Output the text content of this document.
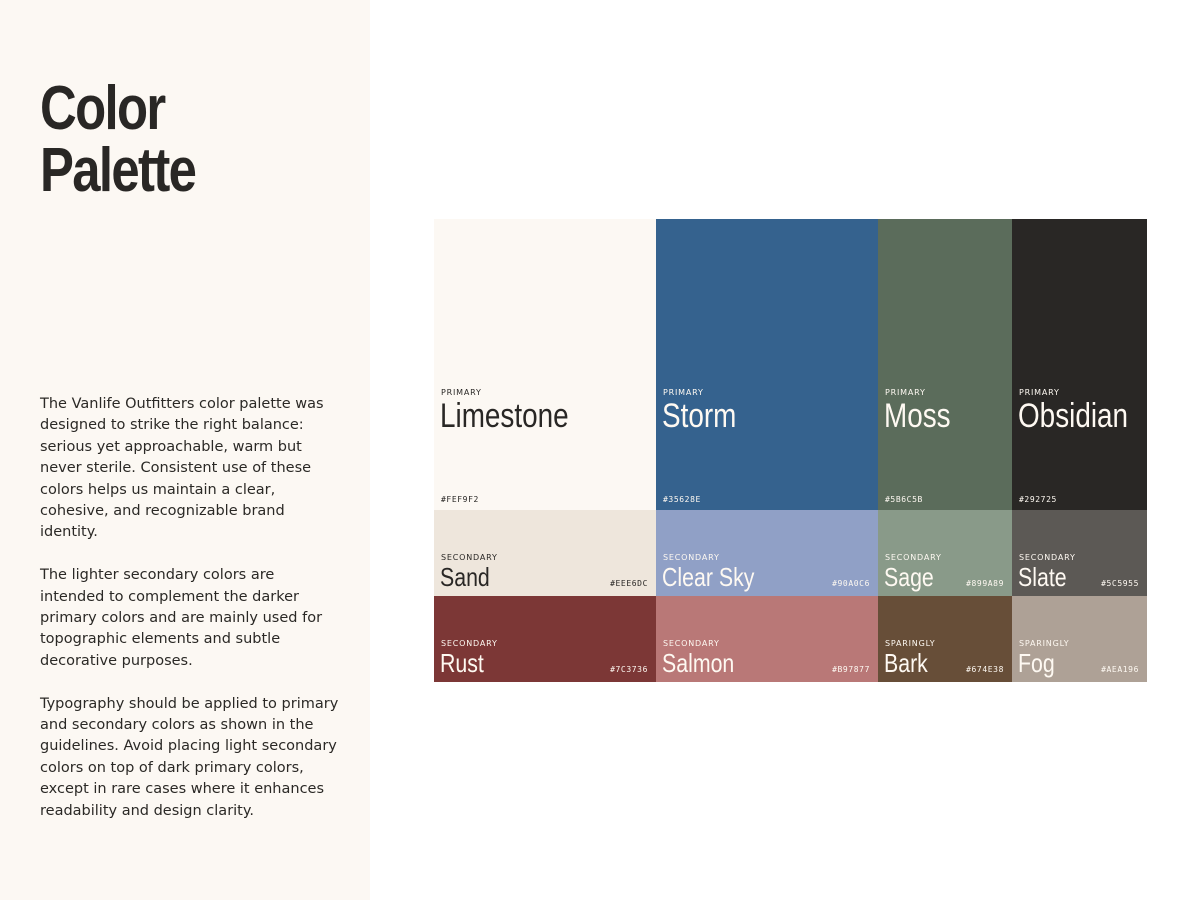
Color
Palette

The Vanlife Outfitters color palette was designed to strike the right balance: serious yet approachable, warm but never sterile. Consistent use of these colors helps us maintain a clear, cohesive, and recognizable brand identity.

The lighter secondary colors are intended to complement the darker primary colors and are mainly used for topographic elements and subtle decorative purposes.

Typography should be applied to primary and secondary colors as shown in the guidelines. Avoid placing light secondary colors on top of dark primary colors, except in rare cases where it enhances readability and design clarity.

PRIMARY
Limestone
#FEF9F2
PRIMARY
Storm
#35628E
PRIMARY
Moss
#5B6C5B
PRIMARY
Obsidian
#292725
SECONDARY
Sand	#EEE6DC
SECONDARY
Clear Sky	#90A0C6
SECONDARY
Sage	#899A89
SECONDARY
Slate	#5C5955
SECONDARY
Rust	#7C3736
SECONDARY
Salmon	#B97877
SPARINGLY
Bark	#674E38
SPARINGLY
Fog	#AEA196
